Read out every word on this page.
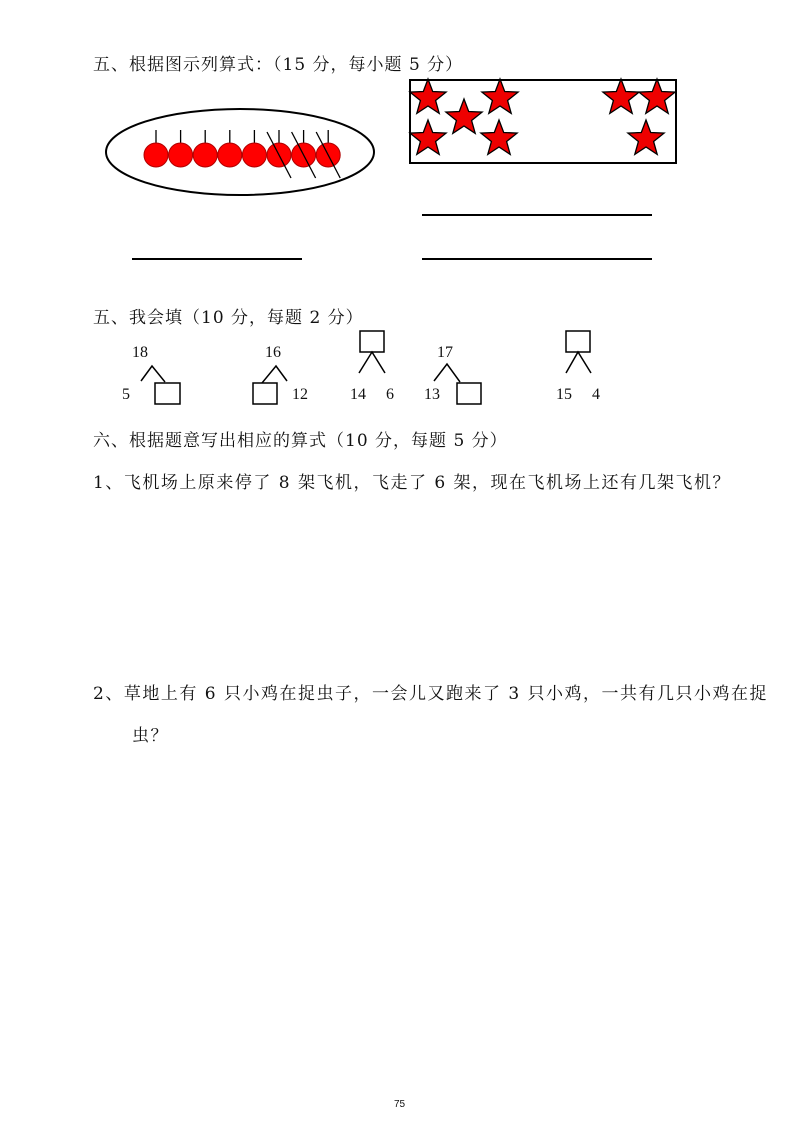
五、根据图示列算式：（15 分，每小题 5 分）
五、我会填（10 分，每题 2 分）
18
5
16
12	14 6
17
13	15 4
六、根据题意写出相应的算式（10 分，每题 5 分）
1、飞机场上原来停了 8 架飞机，飞走了 6 架，现在飞机场上还有几架飞机？
2、草地上有 6 只小鸡在捉虫子，一会儿又跑来了 3 只小鸡，一共有几只小鸡在捉
虫？
75
